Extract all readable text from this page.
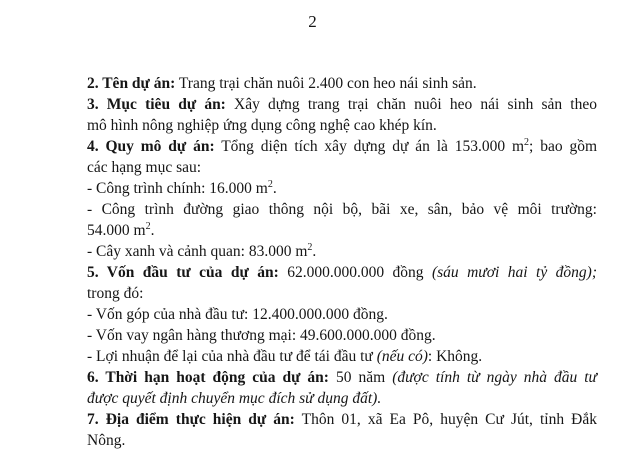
2
2. Tên dự án: Trang trại chăn nuôi 2.400 con heo nái sinh sản.
3. Mục tiêu dự án: Xây dựng trang trại chăn nuôi heo nái sinh sản theo
mô hình nông nghiệp ứng dụng công nghệ cao khép kín.
4. Quy mô dự án: Tổng diện tích xây dựng dự án là 153.000 $m^2$; bao gồm
các hạng mục sau:
- Công trình chính: 16.000 $m^2$.
- Công trình đường giao thông nội bộ, bãi xe, sân, bảo vệ môi trường:
54.000 $m^2$.
- Cây xanh và cảnh quan: 83.000 $m^2$.
5. Vốn đầu tư của dự án: 62.000.000.000 đồng (sáu mươi hai tỷ đồng);
trong đó:
- Vốn góp của nhà đầu tư: 12.400.000.000 đồng.
- Vốn vay ngân hàng thương mại: 49.600.000.000 đồng.
- Lợi nhuận để lại của nhà đầu tư để tái đầu tư (nếu có): Không.
6. Thời hạn hoạt động của dự án: 50 năm (được tính từ ngày nhà đầu tư
được quyết định chuyển mục đích sử dụng đất).
7. Địa điểm thực hiện dự án: Thôn 01, xã Ea Pô, huyện Cư Jút, tỉnh Đắk
Nông.
